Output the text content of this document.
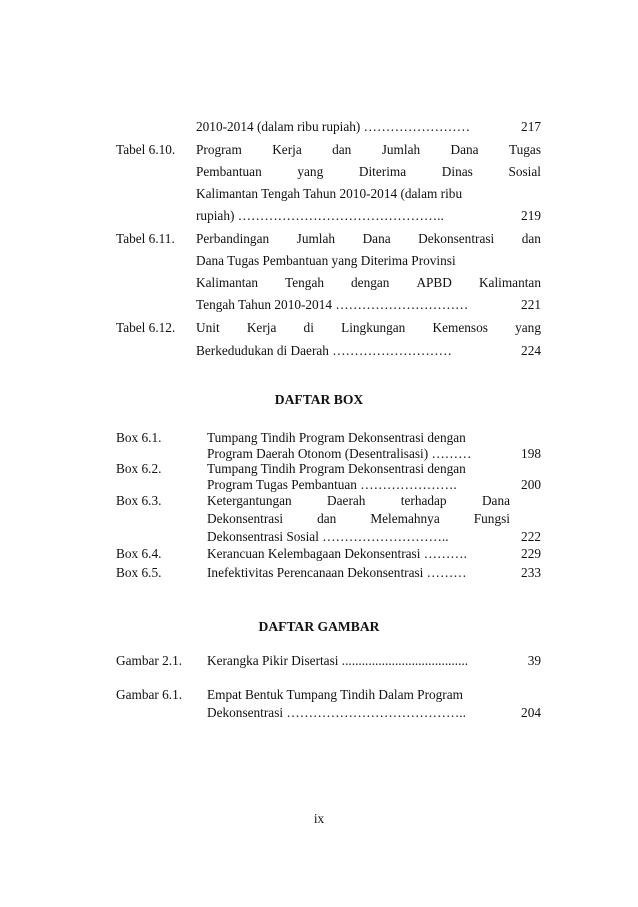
2010-2014 (dalam ribu rupiah) ……………………	217
Tabel 6.10. Program Kerja dan Jumlah Dana Tugas
Pembantuan	yang	Diterima	Dinas	Sosial
Kalimantan Tengah Tahun 2010-2014 (dalam ribu
rupiah) ………………………………………..	219
Tabel 6.11. Perbandingan Jumlah Dana Dekonsentrasi dan
Dana Tugas Pembantuan yang Diterima Provinsi
Kalimantan Tengah dengan APBD Kalimantan
Tengah Tahun 2010-2014 …………………………	221
Tabel 6.12. Unit Kerja di Lingkungan Kemensos yang
Berkedudukan di Daerah ………………………	224
DAFTAR BOX
Box 6.1.	Tumpang Tindih Program Dekonsentrasi dengan
Program Daerah Otonom (Desentralisasi) ………	198
Box 6.2.	Tumpang Tindih Program Dekonsentrasi dengan
Program Tugas Pembantuan ………………….	200
Box 6.3.	Ketergantungan	Daerah	terhadap	Dana
Dekonsentrasi	dan	Melemahnya	Fungsi
Dekonsentrasi Sosial ………………………..	222
Box 6.4.	Kerancuan Kelembagaan Dekonsentrasi ……….	229
Box 6.5.	Inefektivitas Perencanaan Dekonsentrasi ………	233
DAFTAR GAMBAR
Gambar 2.1. Kerangka Pikir Disertasi ......................................	39
Gambar 6.1. Empat Bentuk Tumpang Tindih Dalam Program
Dekonsentrasi …………………………………..	204
ix
